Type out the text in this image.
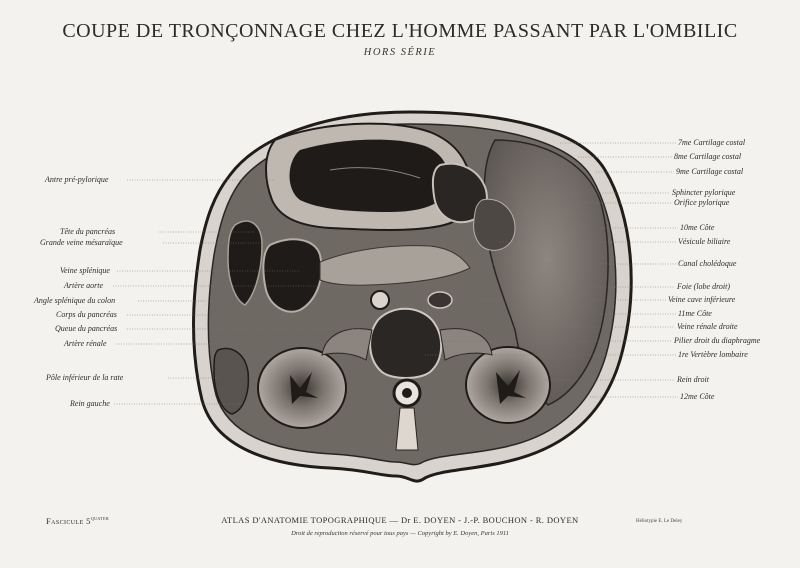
COUPE DE TRONÇONNAGE CHEZ L'HOMME PASSANT PAR L'OMBILIC
HORS SÉRIE
Antre pré-pylorique
Tête du pancréas
Grande veine mésaraïque
Veine splénique
Artère aorte
Angle splénique du colon
Corps du pancréas
Queue du pancréas
Artère rénale
Pôle inférieur de la rate
Rein gauche
7me Cartilage costal
8me Cartilage costal
9me Cartilage costal
Sphincter pylorique
Orifice pylorique
10me Côte
Vésicule biliaire
Canal cholédoque
Foie (lobe droit)
Veine cave inférieure
11me Côte
Veine rénale droite
Pilier droit du diaphragme
1re Vertèbre lombaire
Rein droit
12me Côte
Fascicule $5^{quater}$	ATLAS D'ANATOMIE TOPOGRAPHIQUE — Dr E. DOYEN - J.-P. BOUCHON - R. DOYEN
Droit de reproduction réservé pour tous pays — Copyright by E. Doyen, Paris 1911
Héliotypie E. Le Deley
